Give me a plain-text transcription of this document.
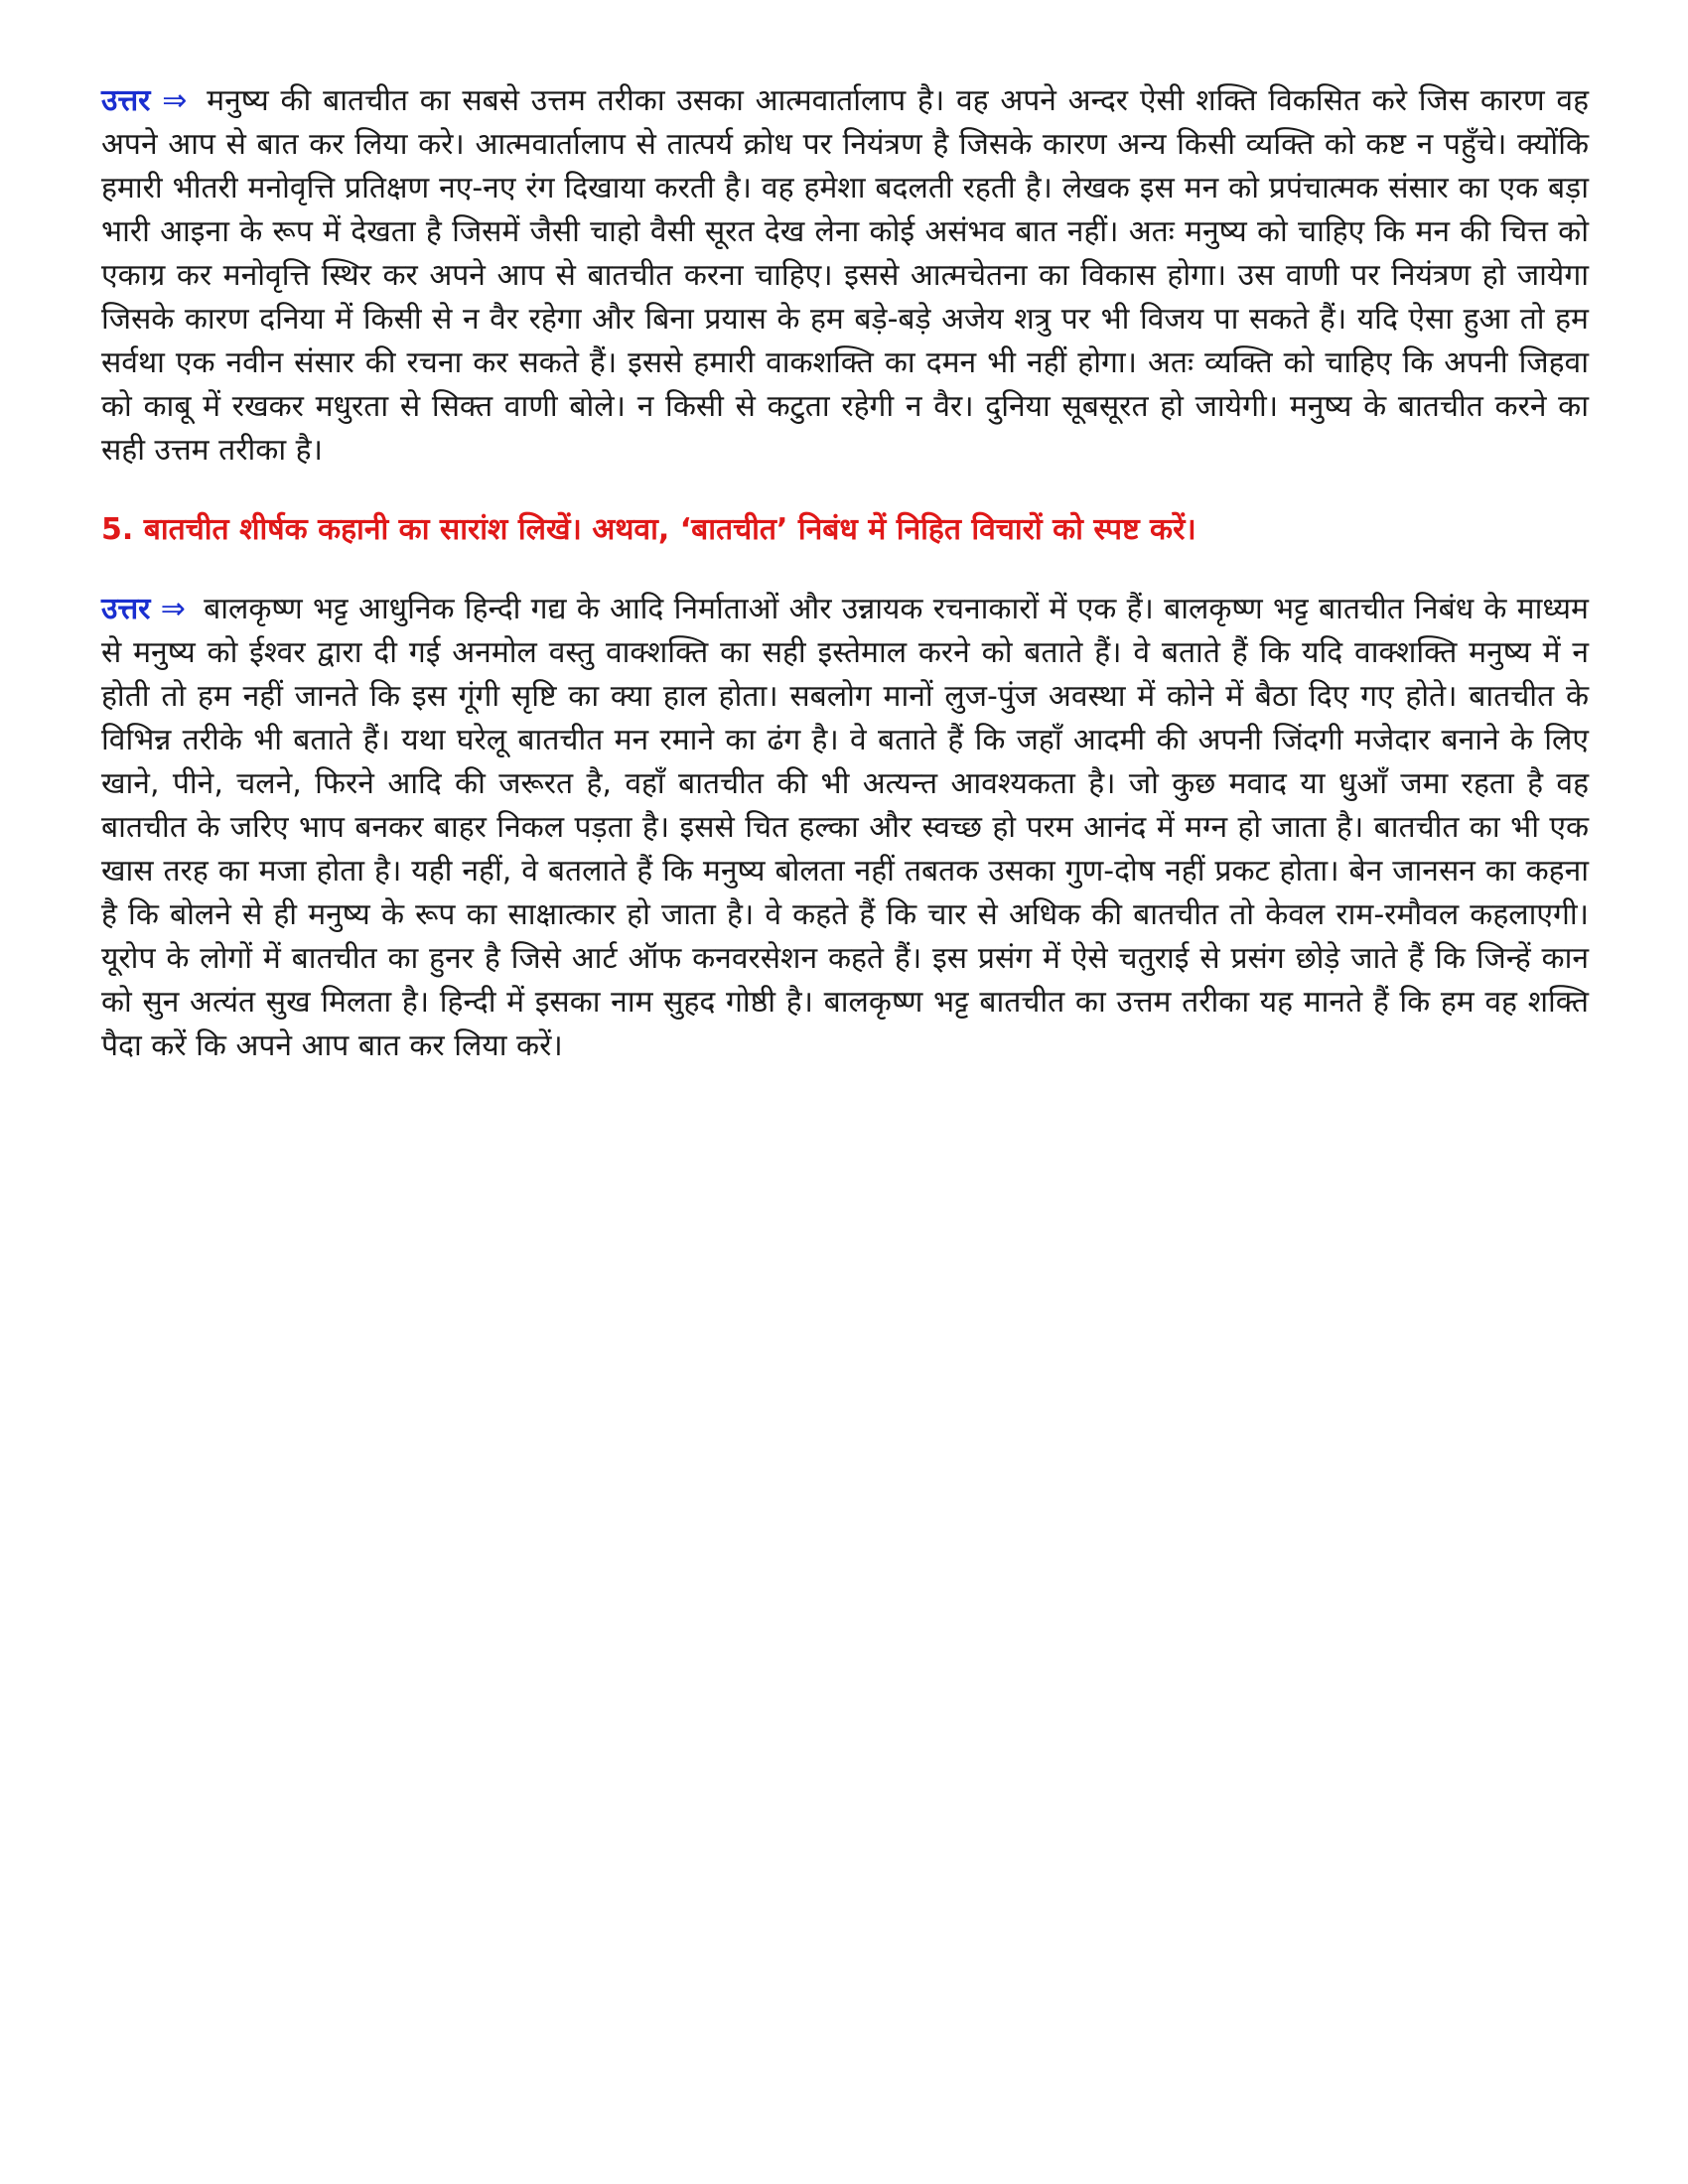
उत्तर ⇒ मनुष्य की बातचीत का सबसे उत्तम तरीका उसका आत्मवार्तालाप है। वह अपने अन्दर ऐसी शक्ति विकसित करे जिस कारण वह अपने आप से बात कर लिया करे। आत्मवार्तालाप से तात्पर्य क्रोध पर नियंत्रण है जिसके कारण अन्य किसी व्यक्ति को कष्ट न पहुँचे। क्योंकि हमारी भीतरी मनोवृत्ति प्रतिक्षण नए-नए रंग दिखाया करती है। वह हमेशा बदलती रहती है। लेखक इस मन को प्रपंचात्मक संसार का एक बड़ा भारी आइना के रूप में देखता है जिसमें जैसी चाहो वैसी सूरत देख लेना कोई असंभव बात नहीं। अतः मनुष्य को चाहिए कि मन की चित्त को एकाग्र कर मनोवृत्ति स्थिर कर अपने आप से बातचीत करना चाहिए। इससे आत्मचेतना का विकास होगा। उस वाणी पर नियंत्रण हो जायेगा जिसके कारण दनिया में किसी से न वैर रहेगा और बिना प्रयास के हम बड़े-बड़े अजेय शत्रु पर भी विजय पा सकते हैं। यदि ऐसा हुआ तो हम सर्वथा एक नवीन संसार की रचना कर सकते हैं। इससे हमारी वाकशक्ति का दमन भी नहीं होगा। अतः व्यक्ति को चाहिए कि अपनी जिहवा को काबू में रखकर मधुरता से सिक्त वाणी बोले। न किसी से कटुता रहेगी न वैर। दुनिया सूबसूरत हो जायेगी। मनुष्य के बातचीत करने का सही उत्तम तरीका है।

5. बातचीत शीर्षक कहानी का सारांश लिखें। अथवा, ‘बातचीत’ निबंध में निहित विचारों को स्पष्ट करें।

उत्तर ⇒ बालकृष्ण भट्ट आधुनिक हिन्दी गद्य के आदि निर्माताओं और उन्नायक रचनाकारों में एक हैं। बालकृष्ण भट्ट बातचीत निबंध के माध्यम से मनुष्य को ईश्वर द्वारा दी गई अनमोल वस्तु वाक्शक्ति का सही इस्तेमाल करने को बताते हैं। वे बताते हैं कि यदि वाक्शक्ति मनुष्य में न होती तो हम नहीं जानते कि इस गूंगी सृष्टि का क्या हाल होता। सबलोग मानों लुज-पुंज अवस्था में कोने में बैठा दिए गए होते। बातचीत के विभिन्न तरीके भी बताते हैं। यथा घरेलू बातचीत मन रमाने का ढंग है। वे बताते हैं कि जहाँ आदमी की अपनी जिंदगी मजेदार बनाने के लिए खाने, पीने, चलने, फिरने आदि की जरूरत है, वहाँ बातचीत की भी अत्यन्त आवश्यकता है। जो कुछ मवाद या धुआँ जमा रहता है वह बातचीत के जरिए भाप बनकर बाहर निकल पड़ता है। इससे चित हल्का और स्वच्छ हो परम आनंद में मग्न हो जाता है। बातचीत का भी एक खास तरह का मजा होता है। यही नहीं, वे बतलाते हैं कि मनुष्य बोलता नहीं तबतक उसका गुण-दोष नहीं प्रकट होता। बेन जानसन का कहना है कि बोलने से ही मनुष्य के रूप का साक्षात्कार हो जाता है। वे कहते हैं कि चार से अधिक की बातचीत तो केवल राम-रमौवल कहलाएगी। यूरोप के लोगों में बातचीत का हुनर है जिसे आर्ट ऑफ कनवरसेशन कहते हैं। इस प्रसंग में ऐसे चतुराई से प्रसंग छोड़े जाते हैं कि जिन्हें कान को सुन अत्यंत सुख मिलता है। हिन्दी में इसका नाम सुहद गोष्ठी है। बालकृष्ण भट्ट बातचीत का उत्तम तरीका यह मानते हैं कि हम वह शक्ति पैदा करें कि अपने आप बात कर लिया करें।
